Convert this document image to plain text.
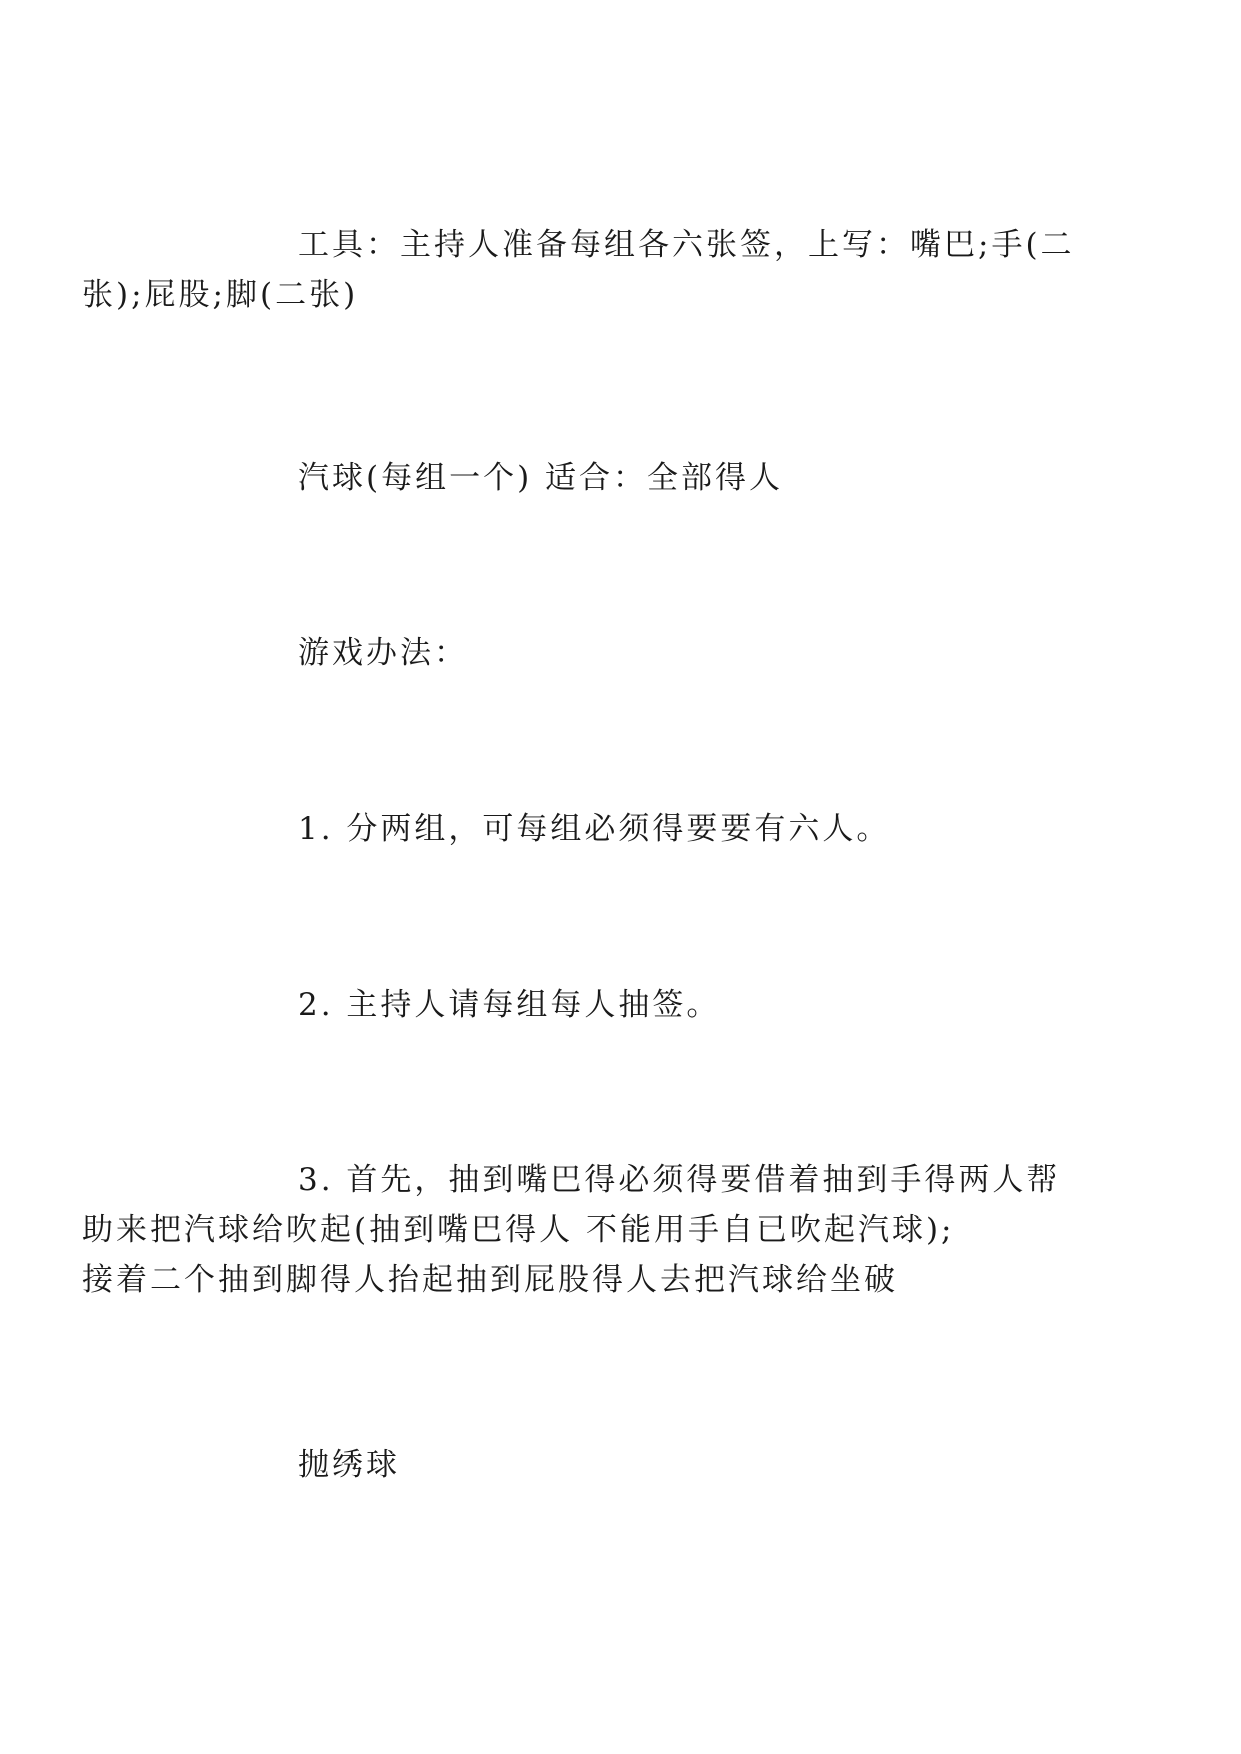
工具：主持人准备每组各六张签，上写：嘴巴;手(二
张);屁股;脚(二张)

汽球(每组一个) 适合：全部得人

游戏办法：

1. 分两组，可每组必须得要要有六人。

2. 主持人请每组每人抽签。

3. 首先，抽到嘴巴得必须得要借着抽到手得两人帮
助来把汽球给吹起(抽到嘴巴得人 不能用手自已吹起汽球);
接着二个抽到脚得人抬起抽到屁股得人去把汽球给坐破

抛绣球
